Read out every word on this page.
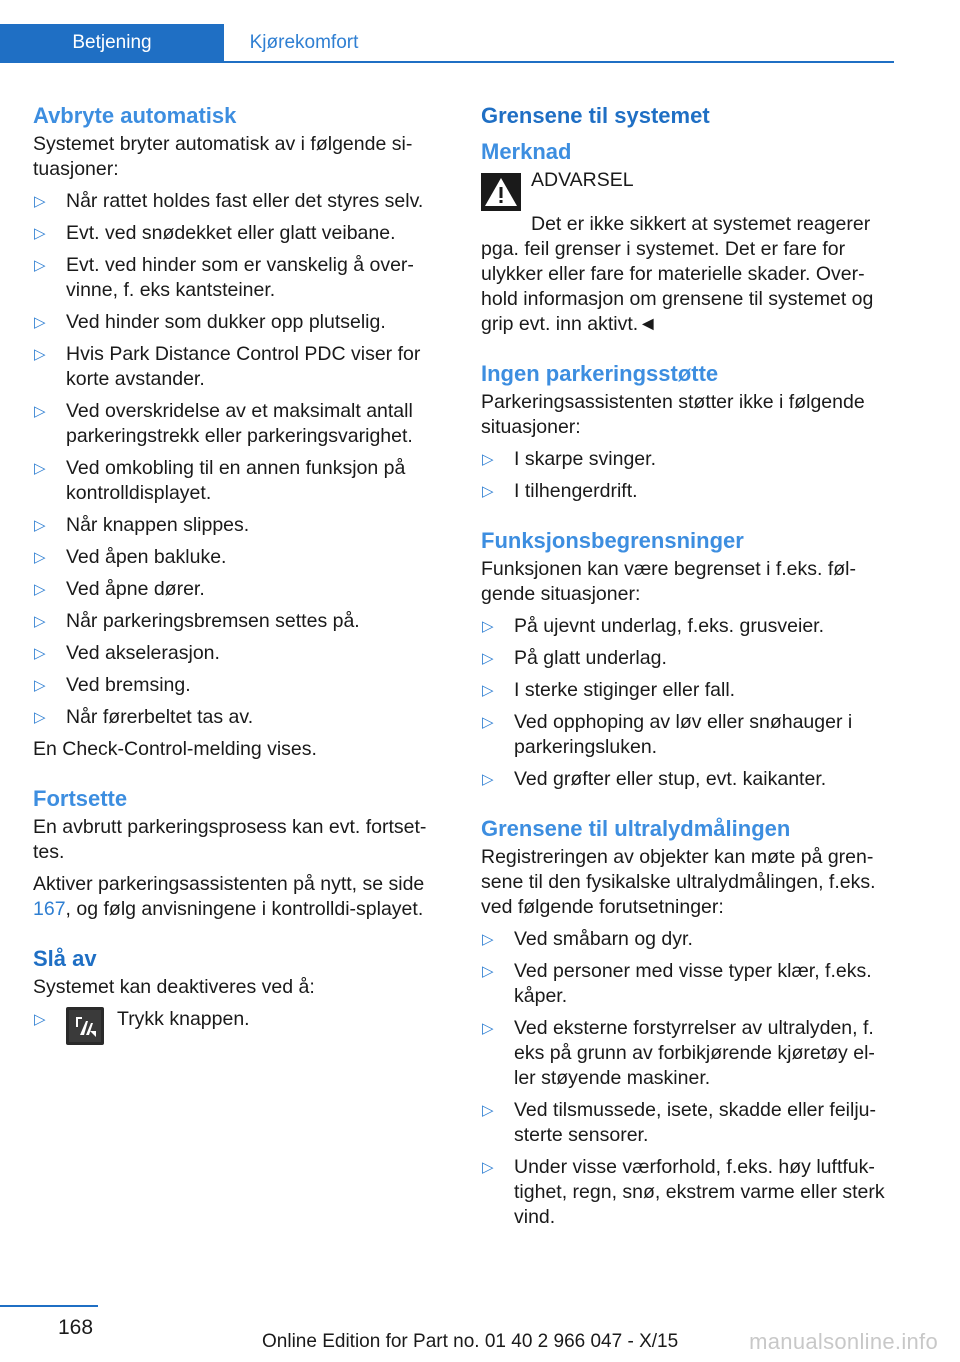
Betjening	Kjørekomfort
Avbryte automatisk

Systemet bryter automatisk av i følgende si-tuasjoner:

▷ Når rattet holdes fast eller det styres selv.
▷ Evt. ved snødekket eller glatt veibane.
▷ Evt. ved hinder som er vanskelig å over-vinne, f. eks kantsteiner.
▷ Ved hinder som dukker opp plutselig.
▷ Hvis Park Distance Control PDC viser for korte avstander.
▷ Ved overskridelse av et maksimalt antall parkeringstrekk eller parkeringsvarighet.
▷ Ved omkobling til en annen funksjon på kontrolldisplayet.
▷ Når knappen slippes.
▷ Ved åpen bakluke.
▷ Ved åpne dører.
▷ Når parkeringsbremsen settes på.
▷ Ved akselerasjon.
▷ Ved bremsing.
▷ Når førerbeltet tas av.

En Check-Control-melding vises.

Fortsette

En avbrutt parkeringsprosess kan evt. fortset-tes.

Aktiver parkeringsassistenten på nytt, se side 167, og følg anvisningene i kontrolldi-splayet.

Slå av

Systemet kan deaktiveres ved å:

▷	Trykk knappen.
Grensene til systemet
Merknad

ADVARSEL

Det er ikke sikkert at systemet reagerer pga. feil grenser i systemet. Det er fare for ulykker eller fare for materielle skader. Over-hold informasjon om grensene til systemet og grip evt. inn aktivt.◄

Ingen parkeringsstøtte

Parkeringsassistenten støtter ikke i følgende situasjoner:

▷ I skarpe svinger.
▷ I tilhengerdrift.
Funksjonsbegrensninger

Funksjonen kan være begrenset i f.eks. føl-gende situasjoner:

▷ På ujevnt underlag, f.eks. grusveier.
▷ På glatt underlag.
▷ I sterke stiginger eller fall.
▷ Ved opphoping av løv eller snøhauger i parkeringsluken.
▷ Ved grøfter eller stup, evt. kaikanter.
Grensene til ultralydmålingen

Registreringen av objekter kan møte på gren-sene til den fysikalske ultralydmålingen, f.eks. ved følgende forutsetninger:

▷ Ved småbarn og dyr.
▷ Ved personer med visse typer klær, f.eks. kåper.
▷ Ved eksterne forstyrrelser av ultralyden, f. eks på grunn av forbikjørende kjøretøy el-ler støyende maskiner.
▷ Ved tilsmussede, isete, skadde eller feilju-sterte sensorer.
▷ Under visse værforhold, f.eks. høy luftfuk-tighet, regn, snø, ekstrem varme eller sterk vind.
168
Online Edition for Part no. 01 40 2 966 047 - X/15	manualsonline.info
